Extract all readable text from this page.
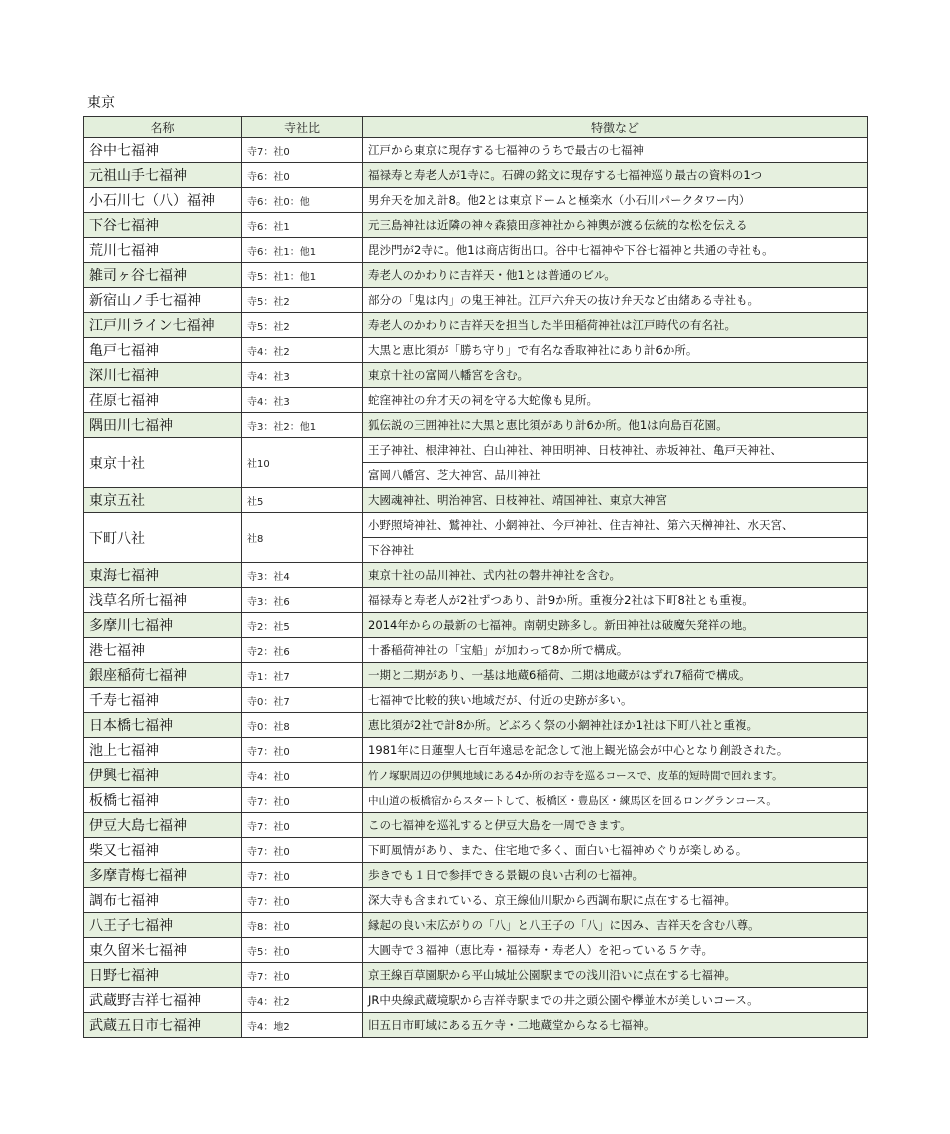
東京
名称	寺社比	特徴など
谷中七福神	寺7：社0	江戸から東京に現存する七福神のうちで最古の七福神
元祖山手七福神	寺6：社0	福禄寿と寿老人が1寺に。石碑の銘文に現存する七福神巡り最古の資料の1つ
小石川七（八）福神	寺6：社0：他	男弁天を加え計8。他2とは東京ドームと極楽水（小石川パークタワー内）
下谷七福神	寺6：社1	元三島神社は近隣の神々森猿田彦神社から神輿が渡る伝統的な松を伝える
荒川七福神	寺6：社1：他1	毘沙門が2寺に。他1は商店街出口。谷中七福神や下谷七福神と共通の寺社も。
雑司ヶ谷七福神	寺5：社1：他1	寿老人のかわりに吉祥天・他1とは普通のビル。
新宿山ノ手七福神	寺5：社2	部分の「鬼は内」の鬼王神社。江戸六弁天の抜け弁天など由緒ある寺社も。
江戸川ライン七福神	寺5：社2	寿老人のかわりに吉祥天を担当した半田稲荷神社は江戸時代の有名社。
亀戸七福神	寺4：社2	大黒と恵比須が「勝ち守り」で有名な香取神社にあり計6か所。
深川七福神	寺4：社3	東京十社の富岡八幡宮を含む。
荏原七福神	寺4：社3	蛇窪神社の弁才天の祠を守る大蛇像も見所。
隅田川七福神	寺3：社2：他1	狐伝説の三囲神社に大黒と恵比須があり計6か所。他1は向島百花園。
東京十社	社10	王子神社、根津神社、白山神社、神田明神、日枝神社、赤坂神社、亀戸天神社、
		富岡八幡宮、芝大神宮、品川神社
東京五社	社5	大國魂神社、明治神宮、日枝神社、靖国神社、東京大神宮
下町八社	社8	小野照埼神社、鷲神社、小網神社、今戸神社、住吉神社、第六天榊神社、水天宮、
		下谷神社
東海七福神	寺3：社4	東京十社の品川神社、式内社の磐井神社を含む。
浅草名所七福神	寺3：社6	福禄寿と寿老人が2社ずつあり、計9か所。重複分2社は下町8社とも重複。
多摩川七福神	寺2：社5	2014年からの最新の七福神。南朝史跡多し。新田神社は破魔矢発祥の地。
港七福神	寺2：社6	十番稲荷神社の「宝船」が加わって8か所で構成。
銀座稲荷七福神	寺1：社7	一期と二期があり、一基は地蔵6稲荷、二期は地蔵がはずれ7稲荷で構成。
千寿七福神	寺0：社7	七福神で比較的狭い地域だが、付近の史跡が多い。
日本橋七福神	寺0：社8	恵比須が2社で計8か所。どぶろく祭の小網神社ほか1社は下町八社と重複。
池上七福神	寺7：社0	1981年に日蓮聖人七百年遠忌を記念して池上観光協会が中心となり創設された。
伊興七福神	寺4：社0	竹ノ塚駅周辺の伊興地域にある4か所のお寺を巡るコースで、皮革的短時間で回れます。
板橋七福神	寺7：社0	中山道の板橋宿からスタートして、板橋区・豊島区・練馬区を回るロングランコース。
伊豆大島七福神	寺7：社0	この七福神を巡礼すると伊豆大島を一周できます。
柴又七福神	寺7：社0	下町風情があり、また、住宅地で多く、面白い七福神めぐりが楽しめる。
多摩青梅七福神	寺7：社0	歩きでも１日で参拝できる景観の良い古利の七福神。
調布七福神	寺7：社0	深大寺も含まれている、京王線仙川駅から西調布駅に点在する七福神。
八王子七福神	寺8：社0	縁起の良い末広がりの「八」と八王子の「八」に因み、吉祥天を含む八尊。
東久留米七福神	寺5：社0	大圓寺で３福神（恵比寿・福禄寿・寿老人）を祀っている５ケ寺。
日野七福神	寺7：社0	京王線百草園駅から平山城址公園駅までの浅川沿いに点在する七福神。
武蔵野吉祥七福神	寺4：社2	JR中央線武蔵境駅から吉祥寺駅までの井之頭公園や欅並木が美しいコース。
武蔵五日市七福神	寺4：地2	旧五日市町域にある五ケ寺・二地蔵堂からなる七福神。
